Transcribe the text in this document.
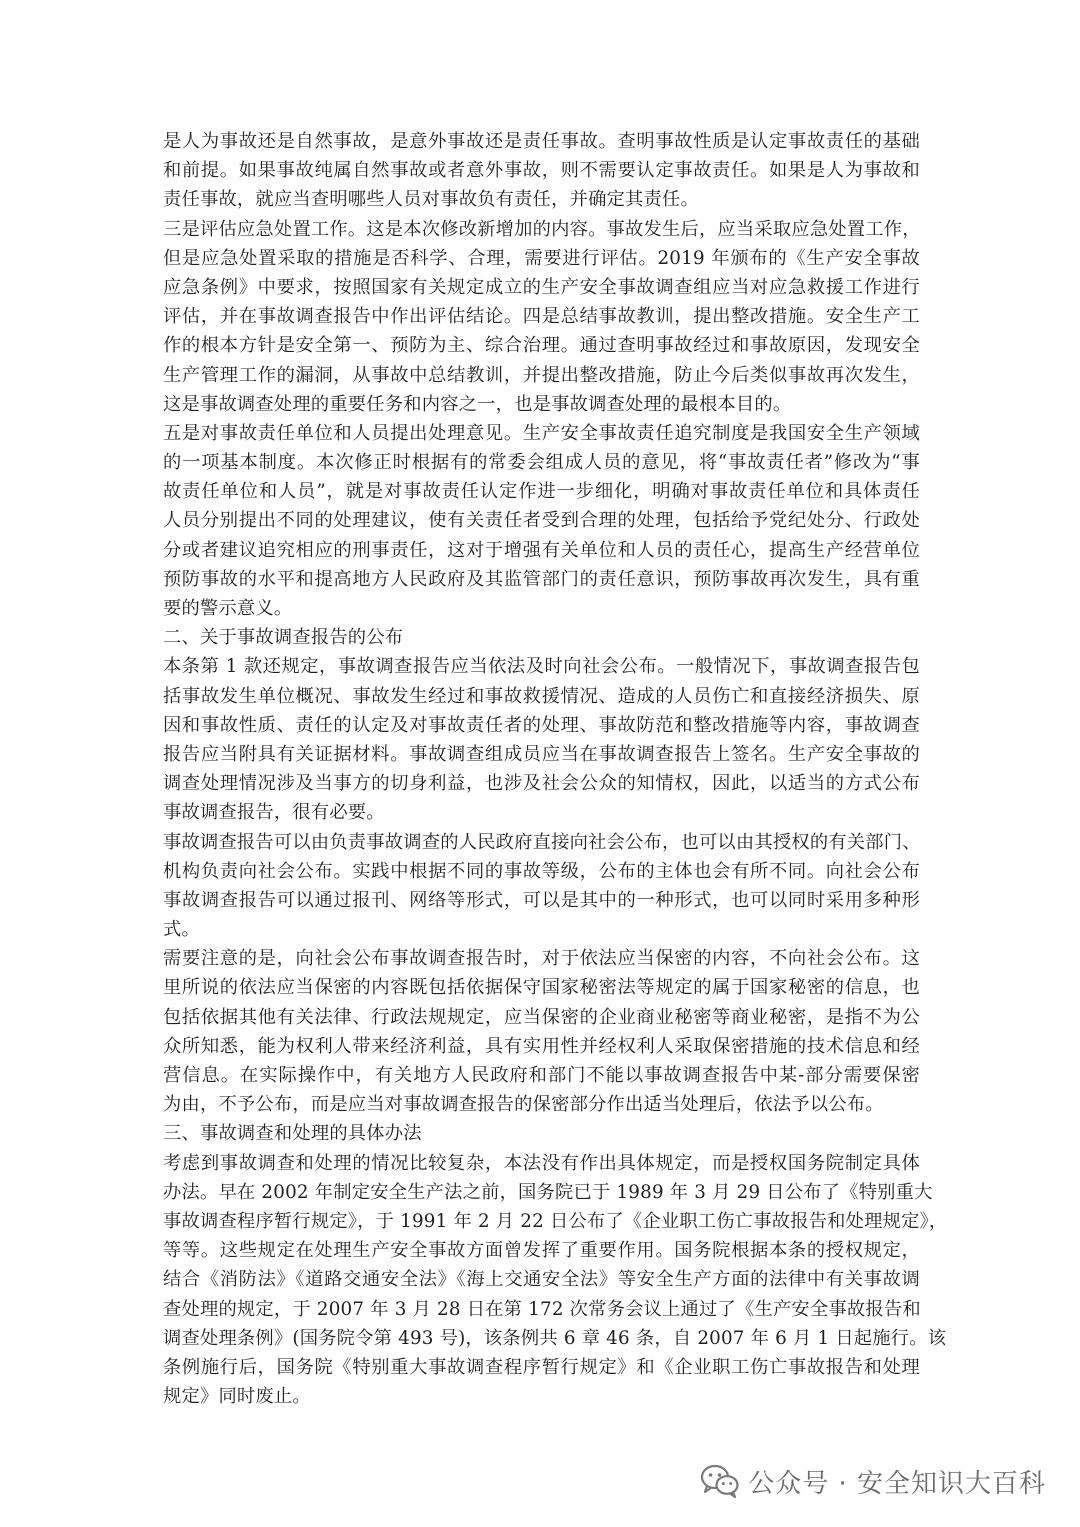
是人为事故还是自然事故，是意外事故还是责任事故。查明事故性质是认定事故责任的基础
和前提。如果事故纯属自然事故或者意外事故，则不需要认定事故责任。如果是人为事故和
责任事故，就应当查明哪些人员对事故负有责任，并确定其责任。
三是评估应急处置工作。这是本次修改新增加的内容。事故发生后，应当采取应急处置工作，
但是应急处置采取的措施是否科学、合理，需要进行评估。2019 年颁布的《生产安全事故
应急条例》中要求，按照国家有关规定成立的生产安全事故调查组应当对应急救援工作进行
评估，并在事故调查报告中作出评估结论。四是总结事故教训，提出整改措施。安全生产工
作的根本方针是安全第一、预防为主、综合治理。通过查明事故经过和事故原因，发现安全
生产管理工作的漏洞，从事故中总结教训，并提出整改措施，防止今后类似事故再次发生，
这是事故调查处理的重要任务和内容之一，也是事故调查处理的最根本目的。
五是对事故责任单位和人员提出处理意见。生产安全事故责任追究制度是我国安全生产领域
的一项基本制度。本次修正时根据有的常委会组成人员的意见，将“事故责任者”修改为“事
故责任单位和人员”，就是对事故责任认定作进一步细化，明确对事故责任单位和具体责任
人员分别提出不同的处理建议，使有关责任者受到合理的处理，包括给予党纪处分、行政处
分或者建议追究相应的刑事责任，这对于增强有关单位和人员的责任心，提高生产经营单位
预防事故的水平和提高地方人民政府及其监管部门的责任意识，预防事故再次发生，具有重
要的警示意义。
二、关于事故调查报告的公布
本条第 1 款还规定，事故调查报告应当依法及时向社会公布。一般情况下，事故调查报告包
括事故发生单位概况、事故发生经过和事故救援情况、造成的人员伤亡和直接经济损失、原
因和事故性质、责任的认定及对事故责任者的处理、事故防范和整改措施等内容，事故调查
报告应当附具有关证据材料。事故调查组成员应当在事故调查报告上签名。生产安全事故的
调查处理情况涉及当事方的切身利益，也涉及社会公众的知情权，因此，以适当的方式公布
事故调查报告，很有必要。
事故调查报告可以由负责事故调查的人民政府直接向社会公布，也可以由其授权的有关部门、
机构负责向社会公布。实践中根据不同的事故等级，公布的主体也会有所不同。向社会公布
事故调查报告可以通过报刊、网络等形式，可以是其中的一种形式，也可以同时采用多种形
式。
需要注意的是，向社会公布事故调查报告时，对于依法应当保密的内容，不向社会公布。这
里所说的依法应当保密的内容既包括依据保守国家秘密法等规定的属于国家秘密的信息，也
包括依据其他有关法律、行政法规规定，应当保密的企业商业秘密等商业秘密，是指不为公
众所知悉，能为权利人带来经济利益，具有实用性并经权利人采取保密措施的技术信息和经
营信息。在实际操作中，有关地方人民政府和部门不能以事故调查报告中某-部分需要保密
为由，不予公布，而是应当对事故调查报告的保密部分作出适当处理后，依法予以公布。
三、事故调查和处理的具体办法
考虑到事故调查和处理的情况比较复杂，本法没有作出具体规定，而是授权国务院制定具体
办法。早在 2002 年制定安全生产法之前，国务院已于 1989 年 3 月 29 日公布了《特别重大
事故调查程序暂行规定》，于 1991 年 2 月 22 日公布了《企业职工伤亡事故报告和处理规定》，
等等。这些规定在处理生产安全事故方面曾发挥了重要作用。国务院根据本条的授权规定，
结合《消防法》《道路交通安全法》《海上交通安全法》等安全生产方面的法律中有关事故调
查处理的规定，于 2007 年 3 月 28 日在第 172 次常务会议上通过了《生产安全事故报告和
调查处理条例》(国务院令第 493 号)，该条例共 6 章 46 条，自 2007 年 6 月 1 日起施行。该
条例施行后，国务院《特别重大事故调查程序暂行规定》和《企业职工伤亡事故报告和处理
规定》同时废止。
公众号 · 安全知识大百科
